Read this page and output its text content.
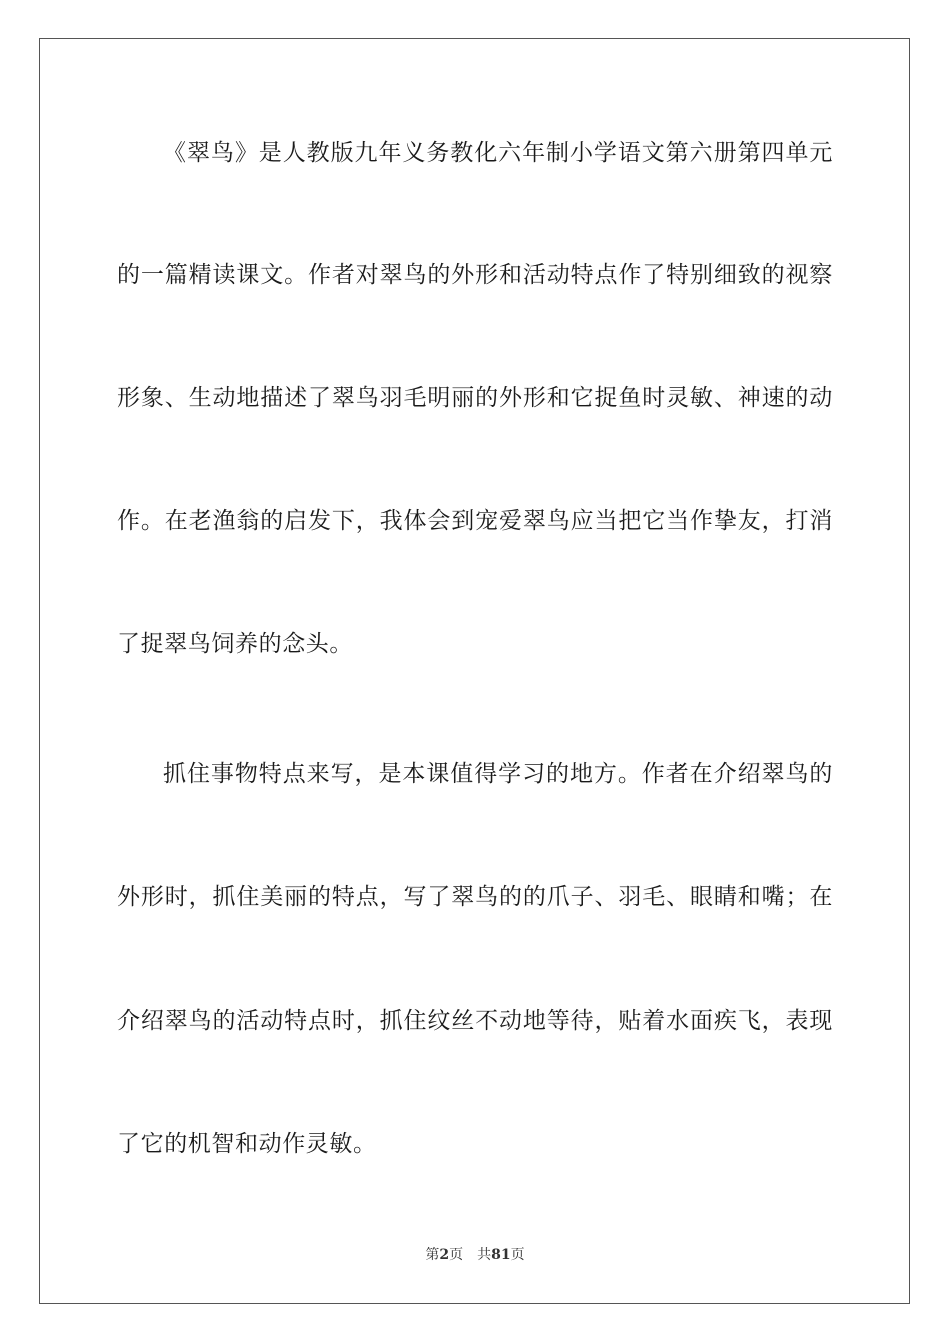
《翠鸟》是人教版九年义务教化六年制小学语文第六册第四单元
的一篇精读课文。作者对翠鸟的外形和活动特点作了特别细致的视察
形象、生动地描述了翠鸟羽毛明丽的外形和它捉鱼时灵敏、神速的动
作。在老渔翁的启发下，我体会到宠爱翠鸟应当把它当作挚友，打消
了捉翠鸟饲养的念头。
抓住事物特点来写，是本课值得学习的地方。作者在介绍翠鸟的
外形时，抓住美丽的特点，写了翠鸟的的爪子、羽毛、眼睛和嘴；在
介绍翠鸟的活动特点时，抓住纹丝不动地等待，贴着水面疾飞，表现
了它的机智和动作灵敏。
第2页 共81页
